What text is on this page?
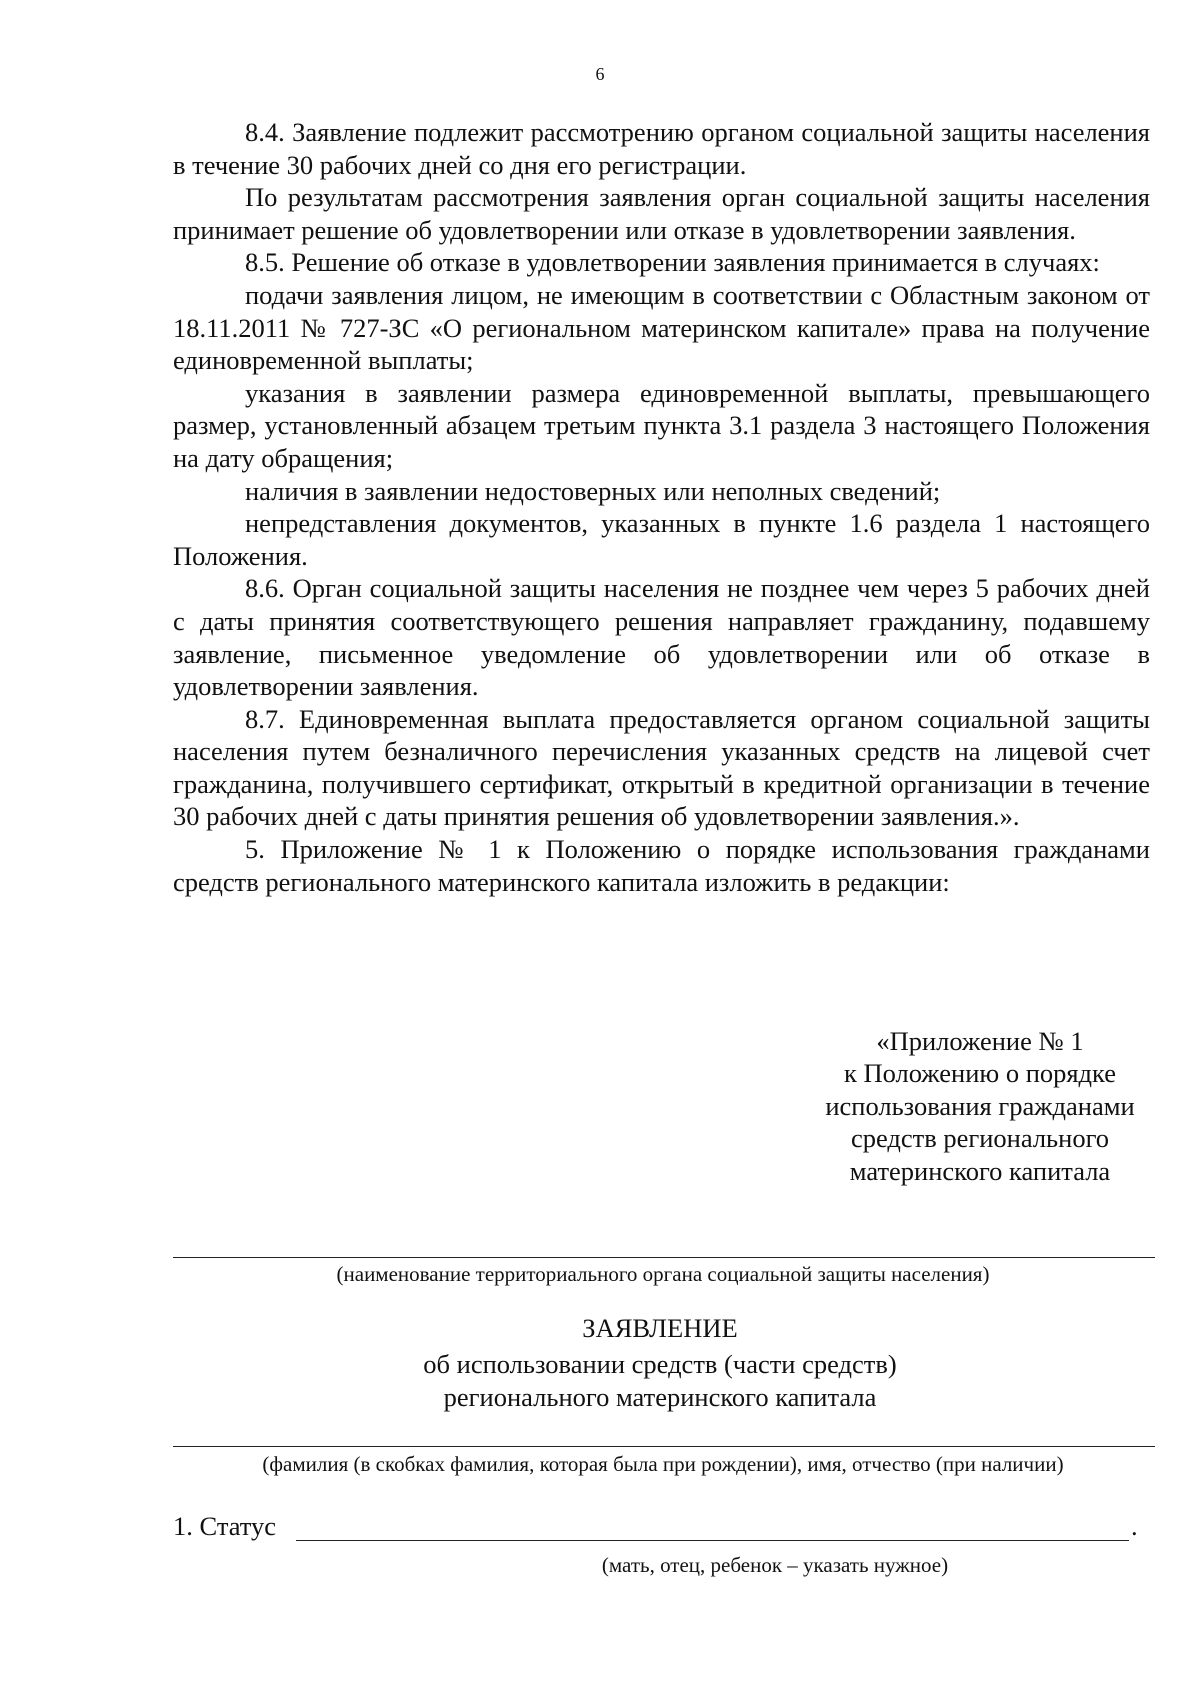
6

8.4. Заявление подлежит рассмотрению органом социальной защиты населения в течение 30 рабочих дней со дня его регистрации.

По результатам рассмотрения заявления орган социальной защиты населения принимает решение об удовлетворении или отказе в удовлетворении заявления.

8.5. Решение об отказе в удовлетворении заявления принимается в случаях:

подачи заявления лицом, не имеющим в соответствии с Областным законом от 18.11.2011 № 727-ЗС «О региональном материнском капитале» права на получение единовременной выплаты;

указания в заявлении размера единовременной выплаты, превышающего размер, установленный абзацем третьим пункта 3.1 раздела 3 настоящего Положения на дату обращения;

наличия в заявлении недостоверных или неполных сведений;

непредставления документов, указанных в пункте 1.6 раздела 1 настоящего Положения.

8.6. Орган социальной защиты населения не позднее чем через 5 рабочих дней с даты принятия соответствующего решения направляет гражданину, подавшему заявление, письменное уведомление об удовлетворении или об отказе в удовлетворении заявления.

8.7. Единовременная выплата предоставляется органом социальной защиты населения путем безналичного перечисления указанных средств на лицевой счет гражданина, получившего сертификат, открытый в кредитной организации в течение 30 рабочих дней с даты принятия решения об удовлетворении заявления.».

5. Приложение № 1 к Положению о порядке использования гражданами средств регионального материнского капитала изложить в редакции:

«Приложение № 1
к Положению о порядке
использования гражданами
средств регионального
материнского капитала
(наименование территориального органа социальной защиты населения)
ЗАЯВЛЕНИЕ
об использовании средств (части средств)
регионального материнского капитала
(фамилия (в скобках фамилия, которая была при рождении), имя, отчество (при наличии)
1. Статус	.
(мать, отец, ребенок – указать нужное)
